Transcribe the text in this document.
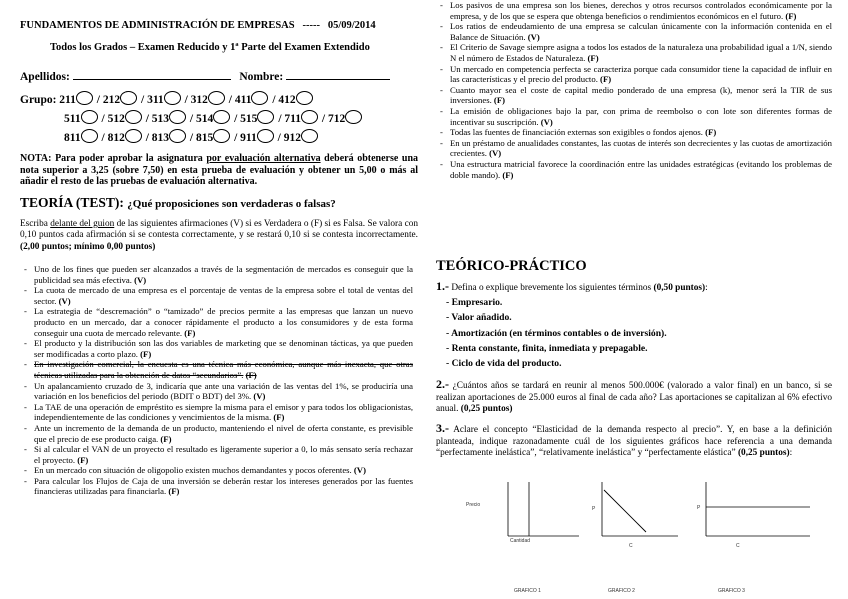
FUNDAMENTOS DE ADMINISTRACIÓN DE EMPRESAS ----- 05/09/2014
Todos los Grados – Examen Reducido y 1ª Parte del Examen Extendido
Apellidos:	Nombre:
Grupo: 211 / 212 / 311 / 312 / 411 / 412
511 / 512 / 513 / 514 / 515 / 711 / 712
811 / 812 / 813 / 815 / 911 / 912
NOTA: Para poder aprobar la asignatura por evaluación alternativa deberá obtenerse una nota superior a 3,25 (sobre 7,50) en esta prueba de evaluación y obtener un 5,00 o más al añadir el resto de las pruebas de evaluación alternativa.
TEORÍA (TEST): ¿Qué proposiciones son verdaderas o falsas?
Escriba delante del guion de las siguientes afirmaciones (V) si es Verdadera o (F) si es Falsa. Se valora con 0,10 puntos cada afirmación si se contesta correctamente, y se restará 0,10 si se contesta incorrectamente. (2,00 puntos; mínimo 0,00 puntos)
- Uno de los fines que pueden ser alcanzados a través de la segmentación de mercados es conseguir que la publicidad sea más efectiva. (V)
- La cuota de mercado de una empresa es el porcentaje de ventas de la empresa sobre el total de ventas del sector. (V)
- La estrategia de “descremación” o “tamizado” de precios permite a las empresas que lanzan un nuevo producto en un mercado, dar a conocer rápidamente el producto a los consumidores y de esta forma conseguir una cuota de mercado relevante. (F)
- El producto y la distribución son las dos variables de marketing que se denominan tácticas, ya que pueden ser modificadas a corto plazo. (F)
- En investigación comercial, la encuesta es una técnica más económica, aunque más inexacta, que otras técnicas utilizadas para la obtención de datos “secundarios”. (F)
- Un apalancamiento cruzado de 3, indicaría que ante una variación de las ventas del 1%, se produciría una variación en los beneficios del periodo (BDIT o BDT) del 3%. (V)
- La TAE de una operación de empréstito es siempre la misma para el emisor y para todos los obligacionistas, independientemente de las condiciones y vencimientos de la misma. (F)
- Ante un incremento de la demanda de un producto, manteniendo el nivel de oferta constante, es previsible que el precio de ese producto caiga. (F)
- Si al calcular el VAN de un proyecto el resultado es ligeramente superior a 0, lo más sensato sería rechazar el proyecto. (F)
- En un mercado con situación de oligopolio existen muchos demandantes y pocos oferentes. (V)
- Para calcular los Flujos de Caja de una inversión se deberán restar los intereses generados por las fuentes financieras utilizadas para financiarla. (F)
- Los pasivos de una empresa son los bienes, derechos y otros recursos controlados económicamente por la empresa, y de los que se espera que obtenga beneficios o rendimientos económicos en el futuro. (F)
- Los ratios de endeudamiento de una empresa se calculan únicamente con la información contenida en el Balance de Situación. (V)
- El Criterio de Savage siempre asigna a todos los estados de la naturaleza una probabilidad igual a 1/N, siendo N el número de Estados de Naturaleza. (F)
- Un mercado en competencia perfecta se caracteriza porque cada consumidor tiene la capacidad de influir en las características y el precio del producto. (F)
- Cuanto mayor sea el coste de capital medio ponderado de una empresa (k), menor será la TIR de sus inversiones. (F)
- La emisión de obligaciones bajo la par, con prima de reembolso o con lote son diferentes formas de incentivar su suscripción. (V)
- Todas las fuentes de financiación externas son exigibles o fondos ajenos. (F)
- En un préstamo de anualidades constantes, las cuotas de interés son decrecientes y las cuotas de amortización crecientes. (V)
- Una estructura matricial favorece la coordinación entre las unidades estratégicas (evitando los problemas de doble mando). (F)
TEÓRICO-PRÁCTICO
1.- Defina o explique brevemente los siguientes términos (0,50 puntos):
- Empresario.
- Valor añadido.
- Amortización (en términos contables o de inversión).
- Renta constante, finita, inmediata y prepagable.
- Ciclo de vida del producto.
2.- ¿Cuántos años se tardará en reunir al menos 500.000€ (valorado a valor final) en un banco, si se realizan aportaciones de 25.000 euros al final de cada año? Las aportaciones se capitalizan al 6% efectivo anual. (0,25 puntos)
3.- Aclare el concepto “Elasticidad de la demanda respecto al precio”. Y, en base a la definición planteada, indique razonadamente cuál de los siguientes gráficos hace referencia a una demanda “perfectamente inelástica”, “relativamente inelástica” y “perfectamente elástica” (0,25 puntos):
Precio
Cantidad
GRAFICO 1
P
C
GRAFICO 2
P
C
GRAFICO 3
